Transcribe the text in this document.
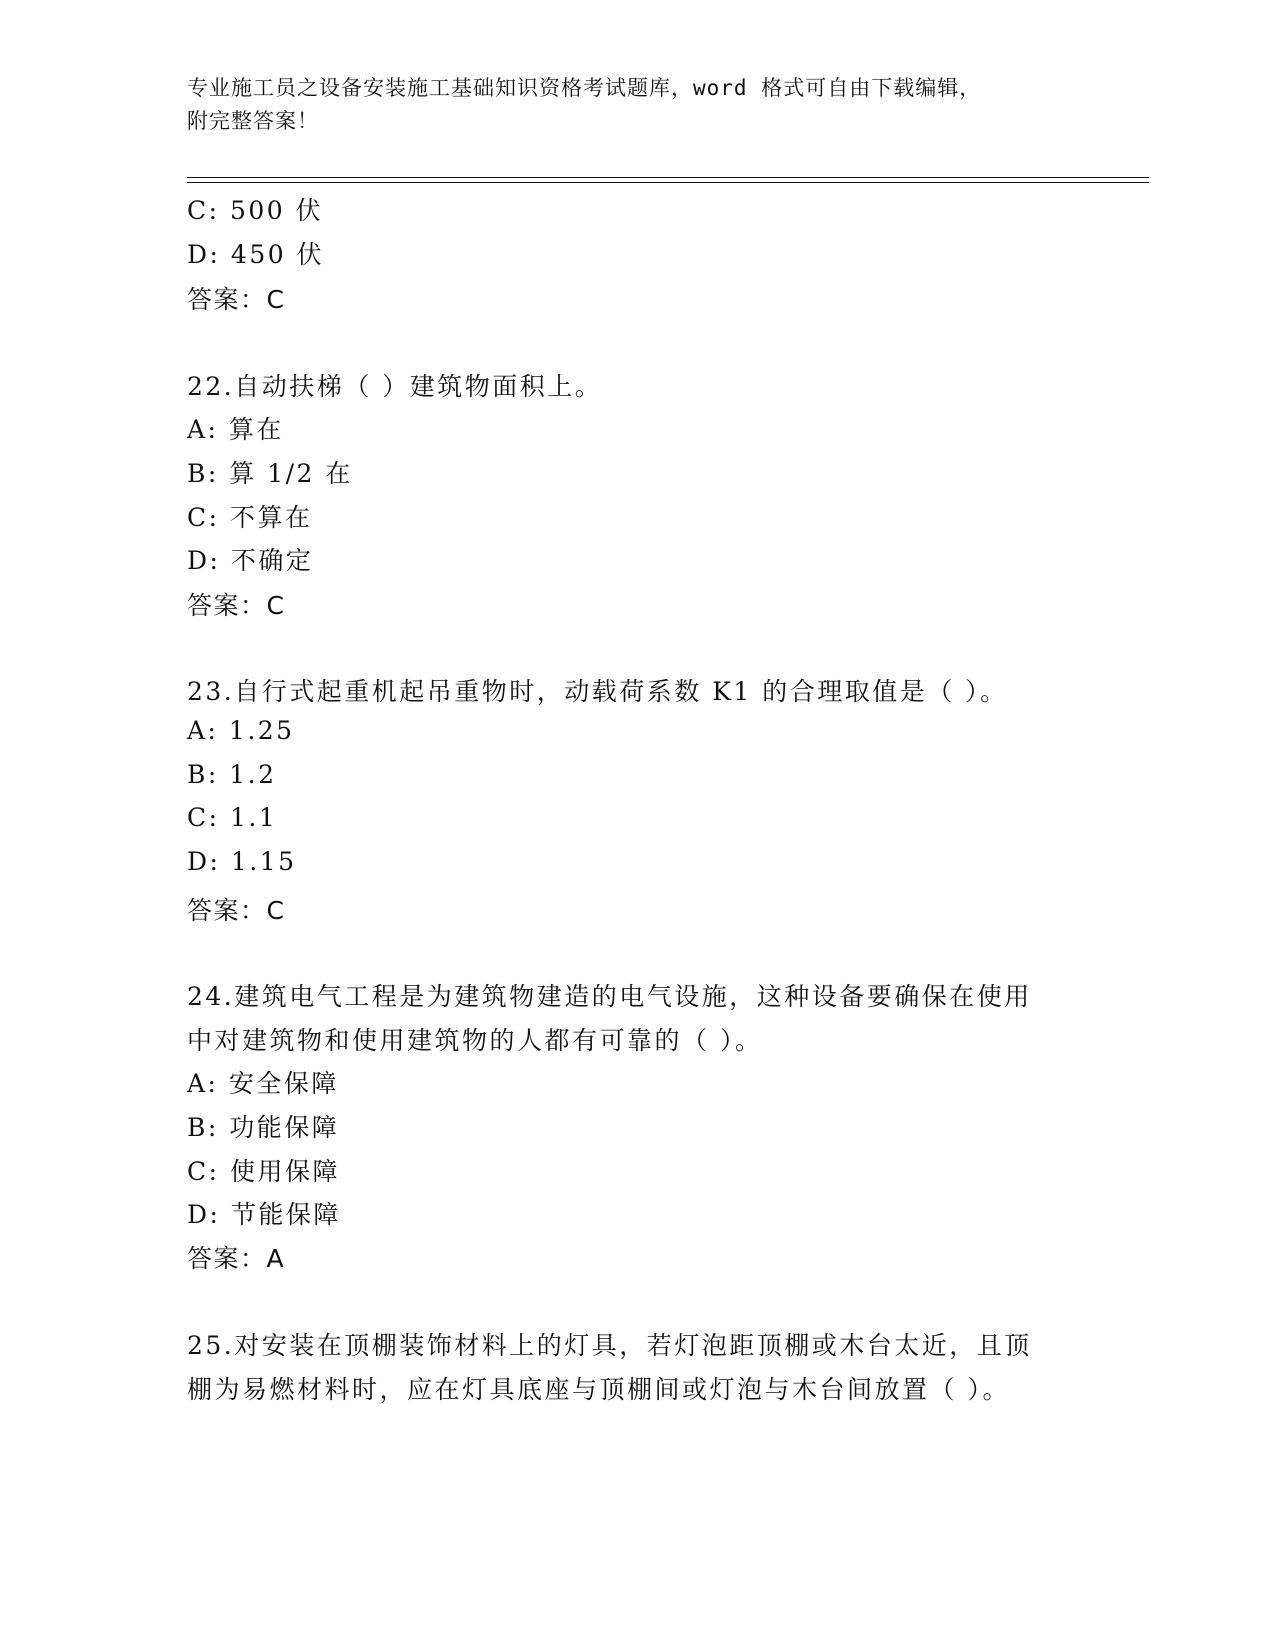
专业施工员之设备安装施工基础知识资格考试题库，word 格式可自由下载编辑，
附完整答案！
C: 500 伏
D: 450 伏
答案：C
22.自动扶梯（ ）建筑物面积上。
A: 算在
B: 算 1/2 在
C: 不算在
D: 不确定
答案：C
23.自行式起重机起吊重物时，动载荷系数 K1 的合理取值是（ ）。
A: 1.25
B: 1.2
C: 1.1
D: 1.15
答案：C
24.建筑电气工程是为建筑物建造的电气设施，这种设备要确保在使用
中对建筑物和使用建筑物的人都有可靠的（ ）。
A: 安全保障
B: 功能保障
C: 使用保障
D: 节能保障
答案：A
25.对安装在顶棚装饰材料上的灯具，若灯泡距顶棚或木台太近，且顶
棚为易燃材料时，应在灯具底座与顶棚间或灯泡与木台间放置（ ）。
